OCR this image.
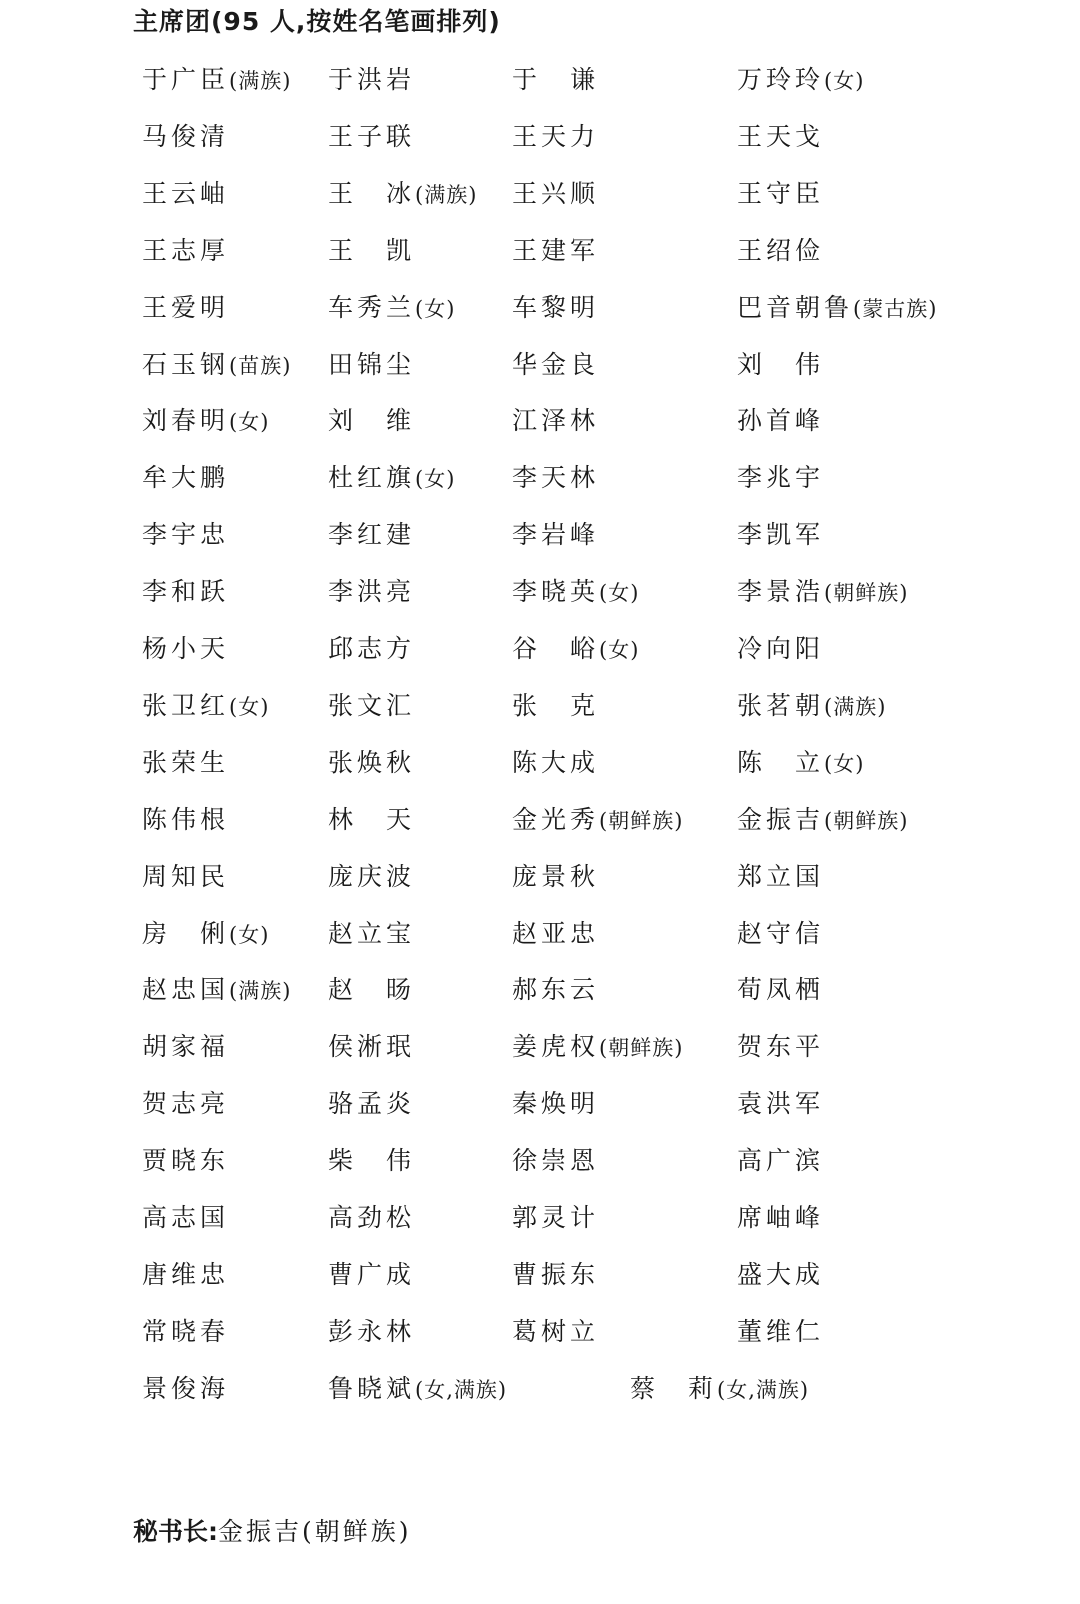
主席团(95 人,按姓名笔画排列)
于广臣(满族) 于洪岩	于　谦	万玲玲(女)
马俊清	王子联	王天力	王天戈
王云岫	王　冰(满族) 王兴顺	王守臣
王志厚	王　凯	王建军	王绍俭
王爱明	车秀兰(女) 车黎明	巴音朝鲁(蒙古族)
石玉钢(苗族) 田锦尘	华金良	刘　伟
刘春明(女) 刘　维	江泽林	孙首峰
牟大鹏	杜红旗(女) 李天林	李兆宇
李宇忠	李红建	李岩峰	李凯军
李和跃	李洪亮	李晓英(女)	李景浩(朝鲜族)
杨小天	邱志方	谷　峪(女)	冷向阳
张卫红(女) 张文汇	张　克	张茗朝(满族)
张荣生	张焕秋	陈大成	陈　立(女)
陈伟根	林　天	金光秀(朝鲜族) 金振吉(朝鲜族)
周知民	庞庆波	庞景秋	郑立国
房　俐(女) 赵立宝	赵亚忠	赵守信
赵忠国(满族) 赵　旸	郝东云	荀凤栖
胡家福	侯淅珉	姜虎权(朝鲜族) 贺东平
贺志亮	骆孟炎	秦焕明	袁洪军
贾晓东	柴　伟	徐崇恩	高广滨
高志国	高劲松	郭灵计	席岫峰
唐维忠	曹广成	曹振东	盛大成
常晓春	彭永林	葛树立	董维仁
景俊海	鲁晓斌(女,满族)	蔡　莉(女,满族)
秘书长:金振吉(朝鲜族)
